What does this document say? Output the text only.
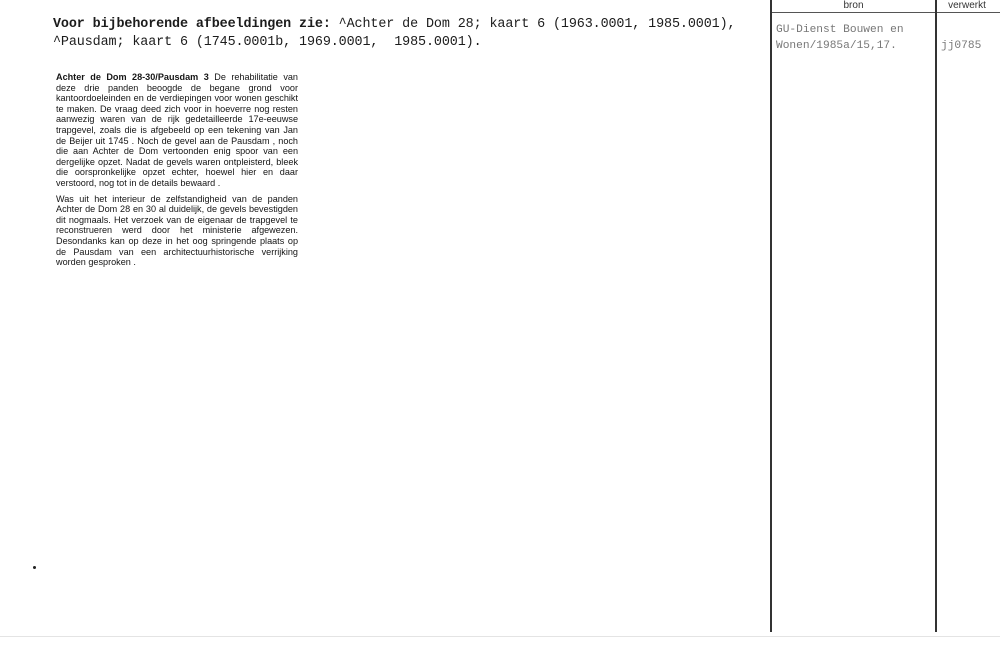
Voor bijbehorende afbeeldingen zie: ^Achter de Dom 28; kaart 6 (1963.0001, 1985.0001),
^Pausdam; kaart 6 (1745.0001b, 1969.0001,  1985.0001).

Achter de Dom 28-30/Pausdam 3 De rehabilitatie van deze drie panden beoogde de begane grond voor kantoordoeleinden en de verdiepingen voor wonen geschikt te maken. De vraag deed zich voor in hoeverre nog resten aanwezig waren van de rijk gedetailleerde 17e-eeuwse trapgevel, zoals die is afgebeeld op een tekening van Jan de Beijer uit 1745 . Noch de gevel aan de Pausdam , noch die aan Achter de Dom vertoonden enig spoor van een dergelijke opzet. Nadat de gevels waren ontpleisterd, bleek die oorspronkelijke opzet echter, hoewel hier en daar verstoord, nog tot in de details bewaard .

Was uit het interieur de zelfstandigheid van de panden Achter de Dom 28 en 30 al duidelijk, de gevels bevestigden dit nogmaals. Het verzoek van de eigenaar de trapgevel te reconstrueren werd door het ministerie afgewezen. Desondanks kan op deze in het oog springende plaats op de Pausdam van een architectuurhistorische verrijking worden gesproken .

bron	verwerkt
GU-Dienst Bouwen en Wonen/1985a/15,17.	jj0785
